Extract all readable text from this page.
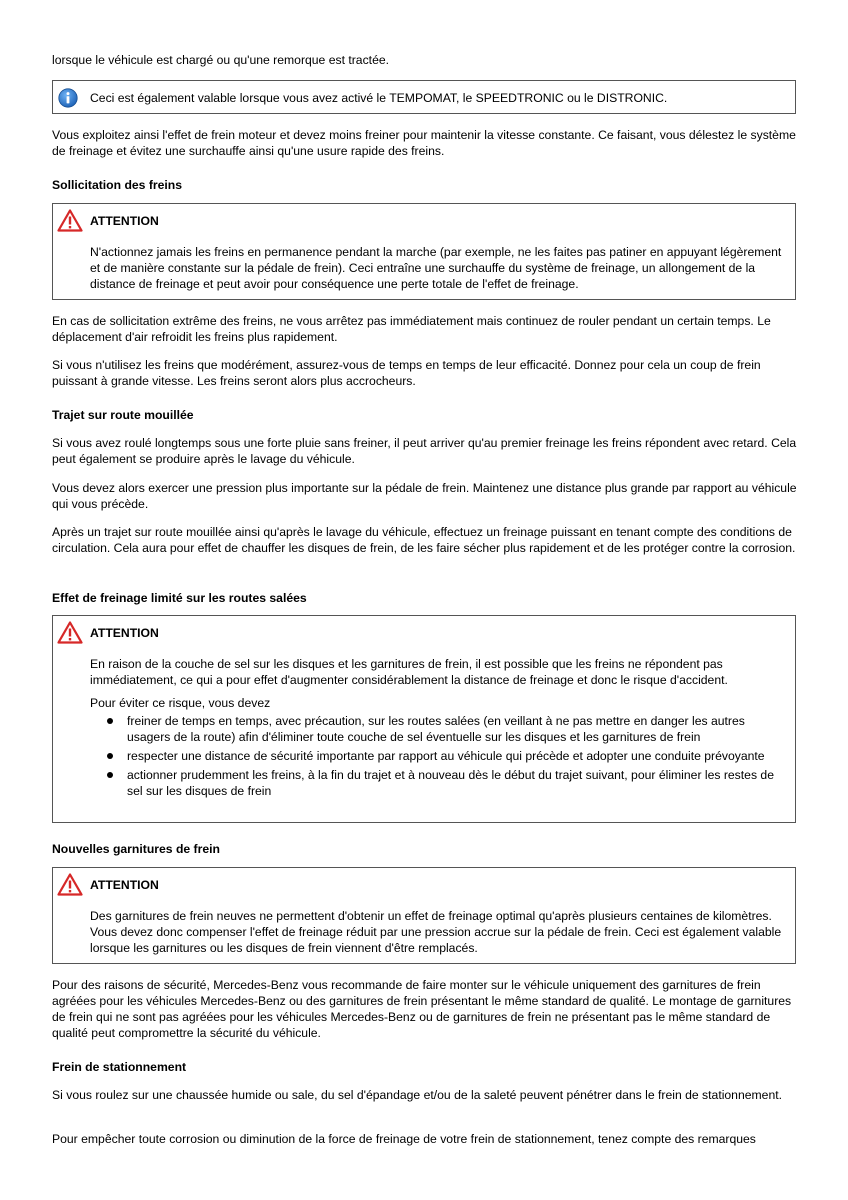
lorsque le véhicule est chargé ou qu'une remorque est tractée.

Ceci est également valable lorsque vous avez activé le TEMPOMAT, le SPEEDTRONIC ou le DISTRONIC.

Vous exploitez ainsi l'effet de frein moteur et devez moins freiner pour maintenir la vitesse constante. Ce faisant, vous délestez le système de freinage et évitez une surchauffe ainsi qu'une usure rapide des freins.

Sollicitation des freins

ATTENTION

N'actionnez jamais les freins en permanence pendant la marche (par exemple, ne les faites pas patiner en appuyant légèrement et de manière constante sur la pédale de frein). Ceci entraîne une surchauffe du système de freinage, un allongement de la distance de freinage et peut avoir pour conséquence une perte totale de l'effet de freinage.

En cas de sollicitation extrême des freins, ne vous arrêtez pas immédiatement mais continuez de rouler pendant un certain temps. Le déplacement d'air refroidit les freins plus rapidement.

Si vous n'utilisez les freins que modérément, assurez-vous de temps en temps de leur efficacité. Donnez pour cela un coup de frein puissant à grande vitesse. Les freins seront alors plus accrocheurs.

Trajet sur route mouillée

Si vous avez roulé longtemps sous une forte pluie sans freiner, il peut arriver qu'au premier freinage les freins répondent avec retard. Cela peut également se produire après le lavage du véhicule.

Vous devez alors exercer une pression plus importante sur la pédale de frein. Maintenez une distance plus grande par rapport au véhicule qui vous précède.

Après un trajet sur route mouillée ainsi qu'après le lavage du véhicule, effectuez un freinage puissant en tenant compte des conditions de circulation. Cela aura pour effet de chauffer les disques de frein, de les faire sécher plus rapidement et de les protéger contre la corrosion.

Effet de freinage limité sur les routes salées

ATTENTION

En raison de la couche de sel sur les disques et les garnitures de frein, il est possible que les freins ne répondent pas immédiatement, ce qui a pour effet d'augmenter considérablement la distance de freinage et donc le risque d'accident.

Pour éviter ce risque, vous devez

freiner de temps en temps, avec précaution, sur les routes salées (en veillant à ne pas mettre en danger les autres usagers de la route) afin d'éliminer toute couche de sel éventuelle sur les disques et les garnitures de frein
respecter une distance de sécurité importante par rapport au véhicule qui précède et adopter une conduite prévoyante
actionner prudemment les freins, à la fin du trajet et à nouveau dès le début du trajet suivant, pour éliminer les restes de sel sur les disques de frein

Nouvelles garnitures de frein

ATTENTION

Des garnitures de frein neuves ne permettent d'obtenir un effet de freinage optimal qu'après plusieurs centaines de kilomètres. Vous devez donc compenser l'effet de freinage réduit par une pression accrue sur la pédale de frein. Ceci est également valable lorsque les garnitures ou les disques de frein viennent d'être remplacés.

Pour des raisons de sécurité, Mercedes-Benz vous recommande de faire monter sur le véhicule uniquement des garnitures de frein agréées pour les véhicules Mercedes-Benz ou des garnitures de frein présentant le même standard de qualité. Le montage de garnitures de frein qui ne sont pas agréées pour les véhicules Mercedes-Benz ou de garnitures de frein ne présentant pas le même standard de qualité peut compromettre la sécurité du véhicule.

Frein de stationnement

Si vous roulez sur une chaussée humide ou sale, du sel d'épandage et/ou de la saleté peuvent pénétrer dans le frein de stationnement.

Pour empêcher toute corrosion ou diminution de la force de freinage de votre frein de stationnement, tenez compte des remarques
